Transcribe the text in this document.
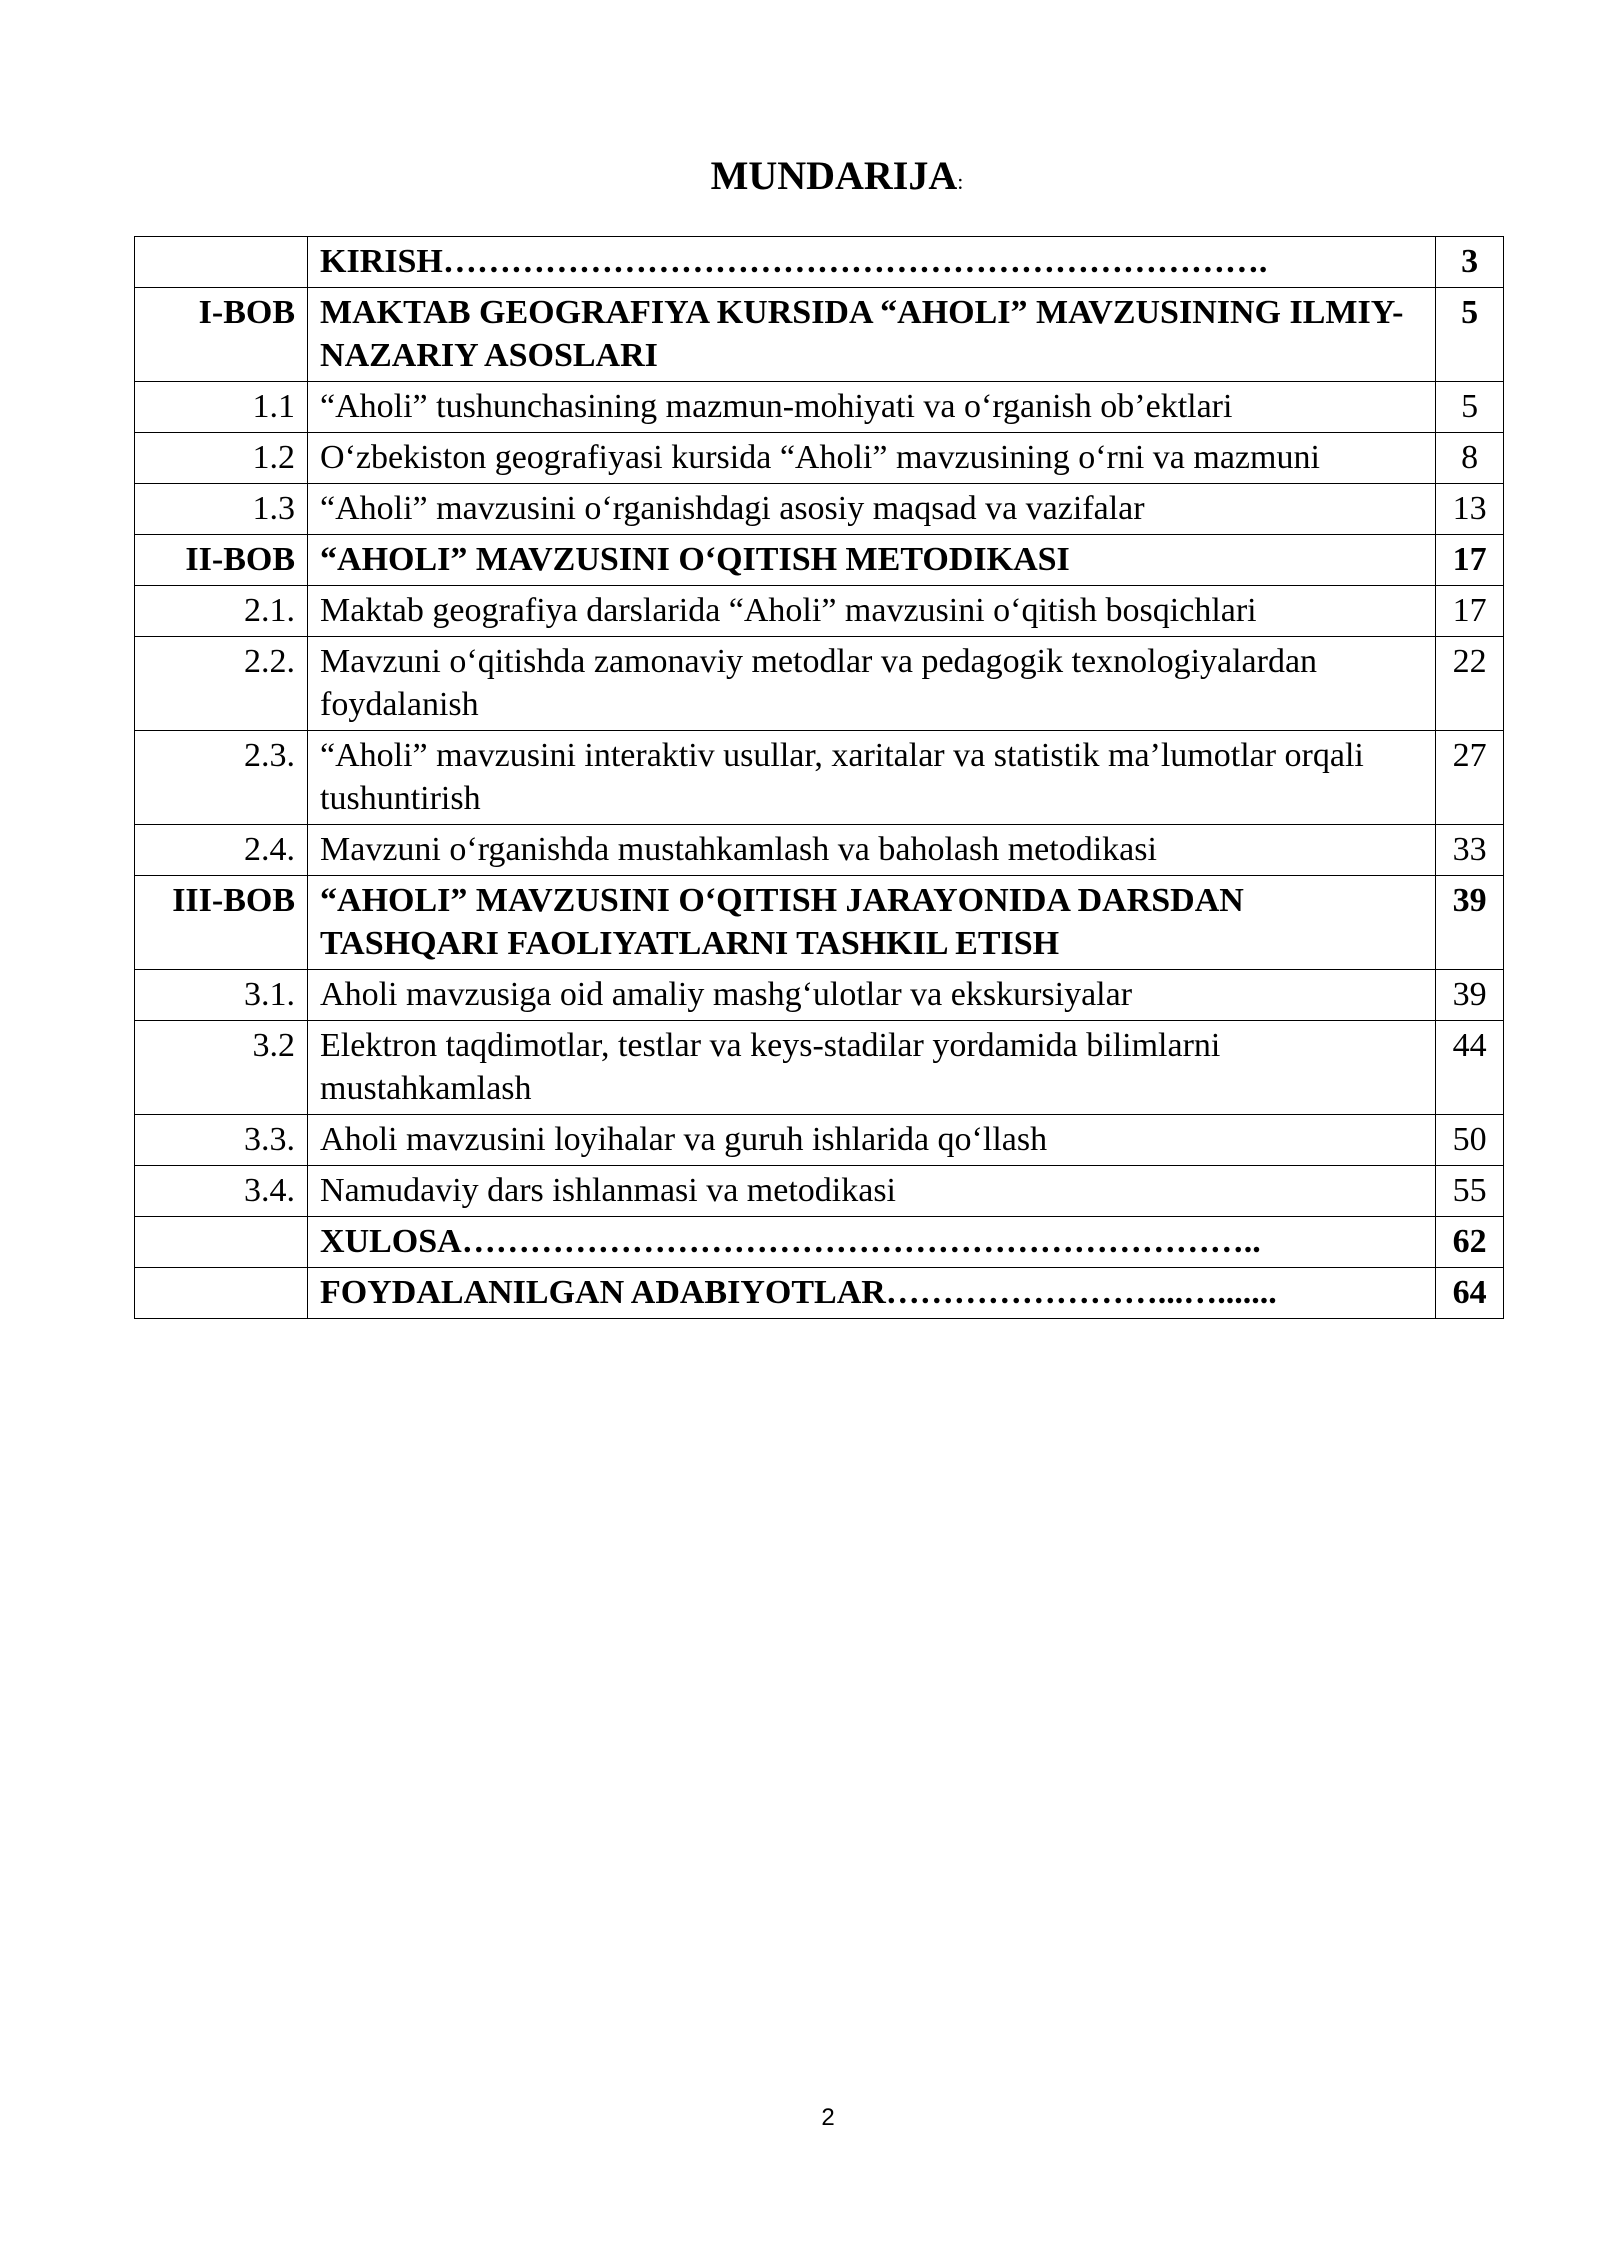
MUNDARIJA:
	KIRISH……………………………………………………………….	3
I-BOB	MAKTAB GEOGRAFIYA KURSIDA “AHOLI” MAVZUSINING ILMIY-NAZARIY ASOSLARI	5
1.1	“Aholi” tushunchasining mazmun-mohiyati va o‘rganish ob’ektlari	5
1.2	O‘zbekiston geografiyasi kursida “Aholi” mavzusining o‘rni va mazmuni	8
1.3	“Aholi” mavzusini o‘rganishdagi asosiy maqsad va vazifalar	13
II-BOB	“AHOLI” MAVZUSINI O‘QITISH METODIKASI	17
2.1.	Maktab geografiya darslarida “Aholi” mavzusini o‘qitish bosqichlari	17
2.2.	Mavzuni o‘qitishda zamonaviy metodlar va pedagogik texnologiyalardan foydalanish	22
2.3.	“Aholi” mavzusini interaktiv usullar, xaritalar va statistik ma’lumotlar orqali tushuntirish	27
2.4.	Mavzuni o‘rganishda mustahkamlash va baholash metodikasi	33
III-BOB	“AHOLI” MAVZUSINI O‘QITISH JARAYONIDA DARSDAN TASHQARI FAOLIYATLARNI TASHKIL ETISH	39
3.1.	Aholi mavzusiga oid amaliy mashg‘ulotlar va ekskursiyalar	39
3.2	Elektron taqdimotlar, testlar va keys-stadilar yordamida bilimlarni mustahkamlash	44
3.3.	Aholi mavzusini loyihalar va guruh ishlarida qo‘llash	50
3.4.	Namudaviy dars ishlanmasi va metodikasi	55
	XULOSA……………………………………………………………..	62
	FOYDALANILGAN ADABIYOTLAR……………………...….......	64
2
